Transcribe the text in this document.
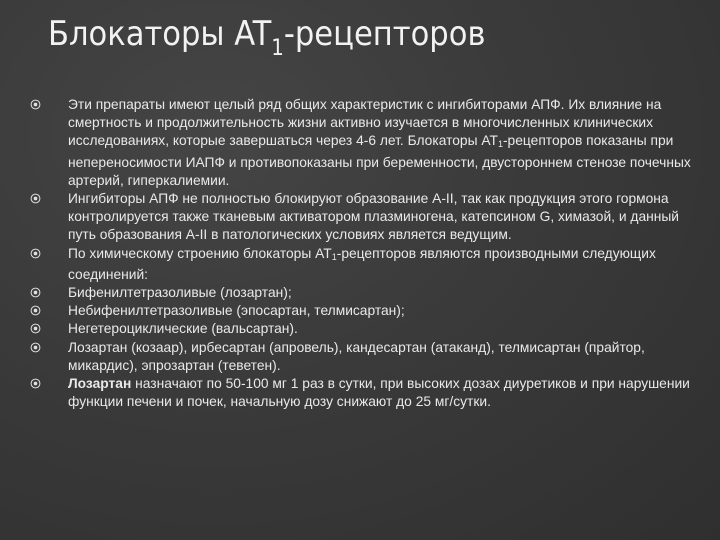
Блокаторы $AT_1$-рецепторов
Эти препараты имеют целый ряд общих характеристик с ингибиторами АПФ. Их влияние на смертность и продолжительность жизни активно изучается в многочисленных клинических исследованиях, которые завершаться через 4-6 лет. Блокаторы $AT_1$-рецепторов показаны при непереносимости ИАПФ и противопоказаны при беременности, двустороннем стенозе почечных артерий, гиперкалиемии.
Ингибиторы АПФ не полностью блокируют образование А-II, так как продукция этого гормона контролируется также тканевым активатором плазминогена, катепсином G, химазой, и данный путь образования А-II в патологических условиях является ведущим.
По химическому строению блокаторы $AT_1$-рецепторов являются производными следующих соединений:
Бифенилтетразоливые (лозартан);
Небифенилтетразоливые (эпосартан, телмисартан);
Негетероциклические (вальсартан).
Лозартан (козаар), ирбесартан (апровель), кандесартан (атаканд), телмисартан (прайтор, микардис), эпрозартан (теветен).
Лозартан назначают по 50-100 мг 1 раз в сутки, при высоких дозах диуретиков и при нарушении функции печени и почек, начальную дозу снижают до 25 мг/сутки.
